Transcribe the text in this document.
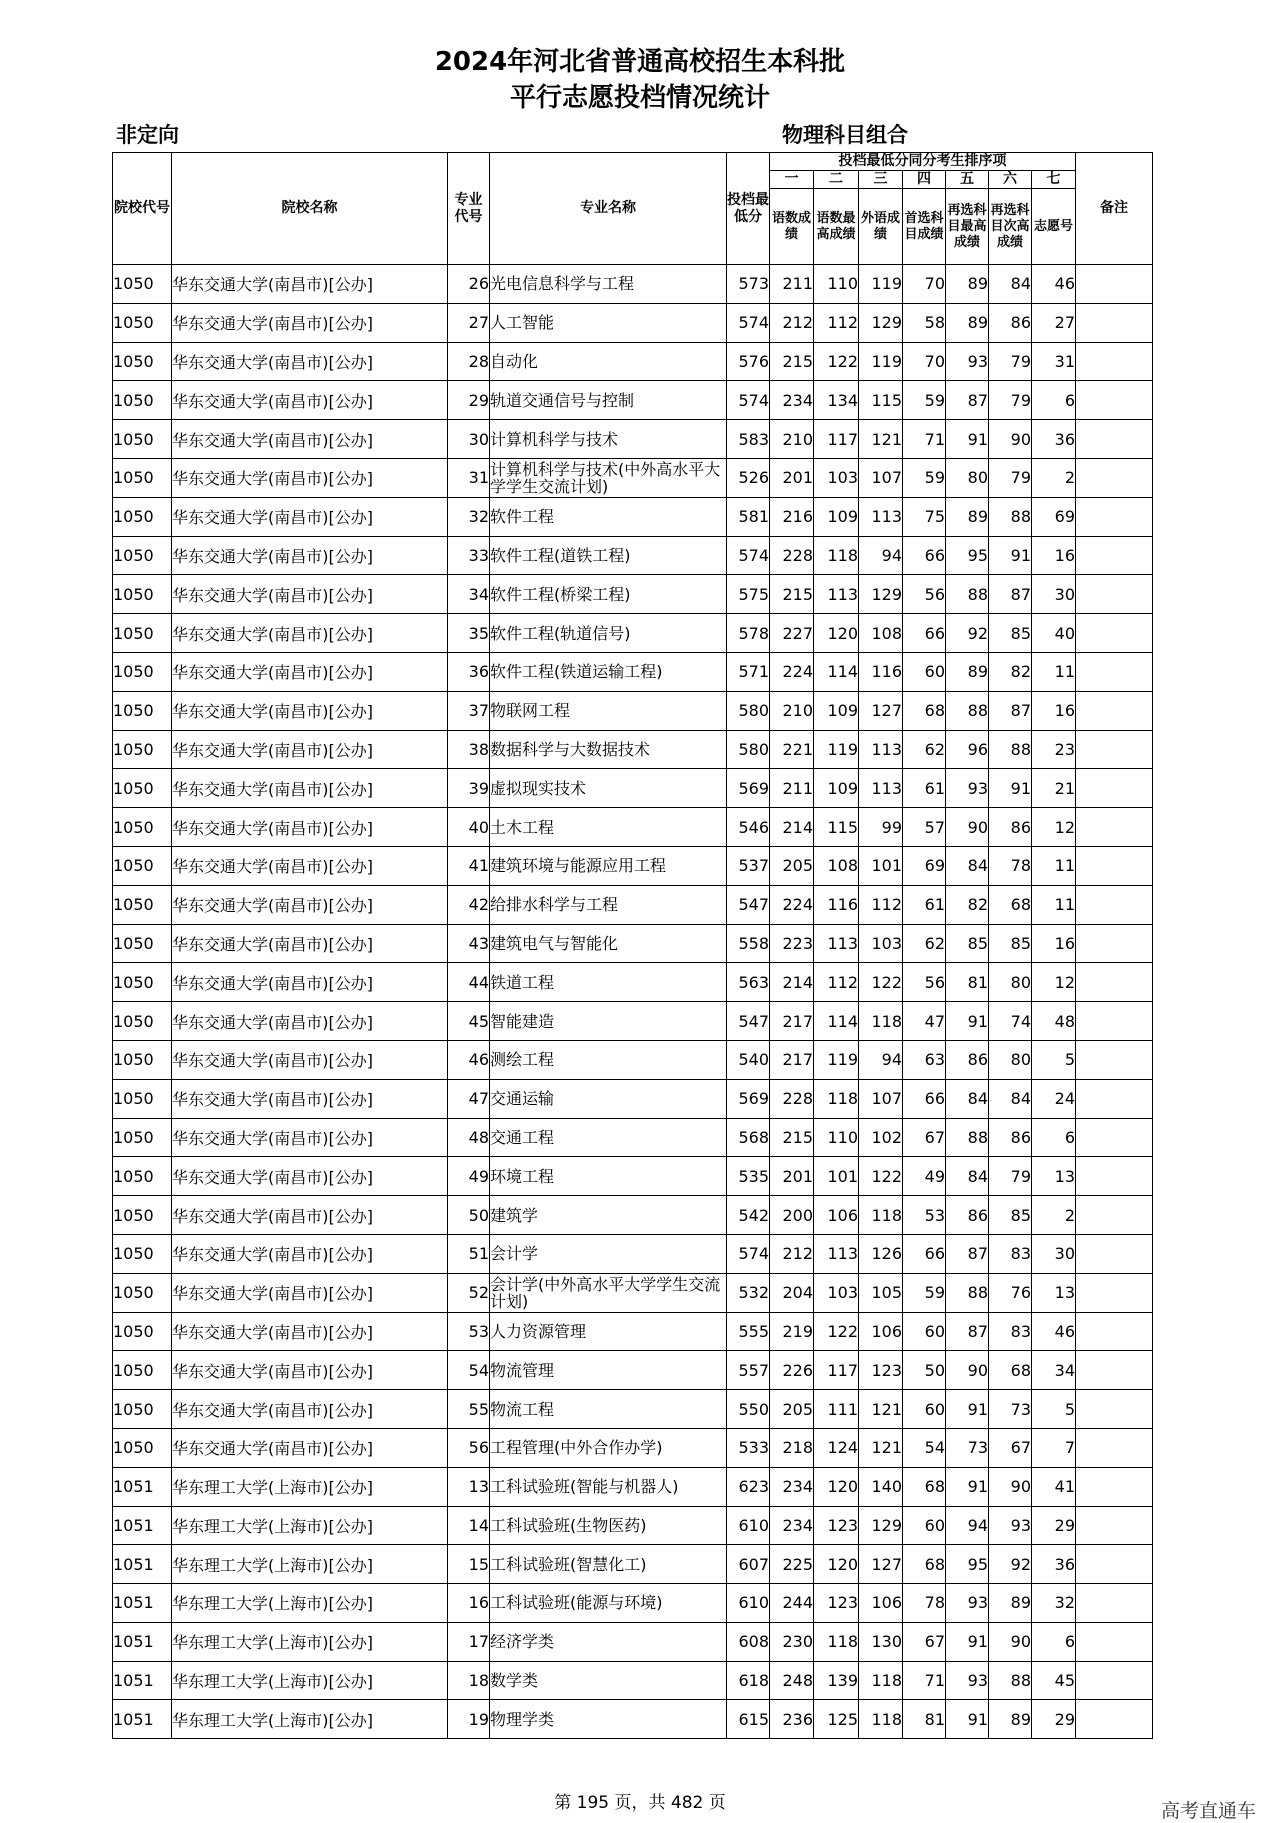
2024年河北省普通高校招生本科批
平行志愿投档情况统计
非定向	物理科目组合
院校代号	院校名称	专业代号	专业名称	投档最低分	投档最低分同分考生排序项							备注
					一	二	三	四	五	六	七	
					语数成绩	语数最高成绩	外语成绩	首选科目成绩	再选科目最高成绩	再选科目次高成绩	志愿号	
1050	华东交通大学(南昌市)[公办]	26	光电信息科学与工程	573	211	110	119	70	89	84	46	
1050	华东交通大学(南昌市)[公办]	27	人工智能	574	212	112	129	58	89	86	27	
1050	华东交通大学(南昌市)[公办]	28	自动化	576	215	122	119	70	93	79	31	
1050	华东交通大学(南昌市)[公办]	29	轨道交通信号与控制	574	234	134	115	59	87	79	6	
1050	华东交通大学(南昌市)[公办]	30	计算机科学与技术	583	210	117	121	71	91	90	36	
1050	华东交通大学(南昌市)[公办]	31	计算机科学与技术(中外高水平大学学生交流计划)	526	201	103	107	59	80	79	2	
1050	华东交通大学(南昌市)[公办]	32	软件工程	581	216	109	113	75	89	88	69	
1050	华东交通大学(南昌市)[公办]	33	软件工程(道铁工程)	574	228	118	94	66	95	91	16	
1050	华东交通大学(南昌市)[公办]	34	软件工程(桥梁工程)	575	215	113	129	56	88	87	30	
1050	华东交通大学(南昌市)[公办]	35	软件工程(轨道信号)	578	227	120	108	66	92	85	40	
1050	华东交通大学(南昌市)[公办]	36	软件工程(铁道运输工程)	571	224	114	116	60	89	82	11	
1050	华东交通大学(南昌市)[公办]	37	物联网工程	580	210	109	127	68	88	87	16	
1050	华东交通大学(南昌市)[公办]	38	数据科学与大数据技术	580	221	119	113	62	96	88	23	
1050	华东交通大学(南昌市)[公办]	39	虚拟现实技术	569	211	109	113	61	93	91	21	
1050	华东交通大学(南昌市)[公办]	40	土木工程	546	214	115	99	57	90	86	12	
1050	华东交通大学(南昌市)[公办]	41	建筑环境与能源应用工程	537	205	108	101	69	84	78	11	
1050	华东交通大学(南昌市)[公办]	42	给排水科学与工程	547	224	116	112	61	82	68	11	
1050	华东交通大学(南昌市)[公办]	43	建筑电气与智能化	558	223	113	103	62	85	85	16	
1050	华东交通大学(南昌市)[公办]	44	铁道工程	563	214	112	122	56	81	80	12	
1050	华东交通大学(南昌市)[公办]	45	智能建造	547	217	114	118	47	91	74	48	
1050	华东交通大学(南昌市)[公办]	46	测绘工程	540	217	119	94	63	86	80	5	
1050	华东交通大学(南昌市)[公办]	47	交通运输	569	228	118	107	66	84	84	24	
1050	华东交通大学(南昌市)[公办]	48	交通工程	568	215	110	102	67	88	86	6	
1050	华东交通大学(南昌市)[公办]	49	环境工程	535	201	101	122	49	84	79	13	
1050	华东交通大学(南昌市)[公办]	50	建筑学	542	200	106	118	53	86	85	2	
1050	华东交通大学(南昌市)[公办]	51	会计学	574	212	113	126	66	87	83	30	
1050	华东交通大学(南昌市)[公办]	52	会计学(中外高水平大学学生交流计划)	532	204	103	105	59	88	76	13	
1050	华东交通大学(南昌市)[公办]	53	人力资源管理	555	219	122	106	60	87	83	46	
1050	华东交通大学(南昌市)[公办]	54	物流管理	557	226	117	123	50	90	68	34	
1050	华东交通大学(南昌市)[公办]	55	物流工程	550	205	111	121	60	91	73	5	
1050	华东交通大学(南昌市)[公办]	56	工程管理(中外合作办学)	533	218	124	121	54	73	67	7	
1051	华东理工大学(上海市)[公办]	13	工科试验班(智能与机器人)	623	234	120	140	68	91	90	41	
1051	华东理工大学(上海市)[公办]	14	工科试验班(生物医药)	610	234	123	129	60	94	93	29	
1051	华东理工大学(上海市)[公办]	15	工科试验班(智慧化工)	607	225	120	127	68	95	92	36	
1051	华东理工大学(上海市)[公办]	16	工科试验班(能源与环境)	610	244	123	106	78	93	89	32	
1051	华东理工大学(上海市)[公办]	17	经济学类	608	230	118	130	67	91	90	6	
1051	华东理工大学(上海市)[公办]	18	数学类	618	248	139	118	71	93	88	45	
1051	华东理工大学(上海市)[公办]	19	物理学类	615	236	125	118	81	91	89	29	
第 195 页，共 482 页	高考直通车
